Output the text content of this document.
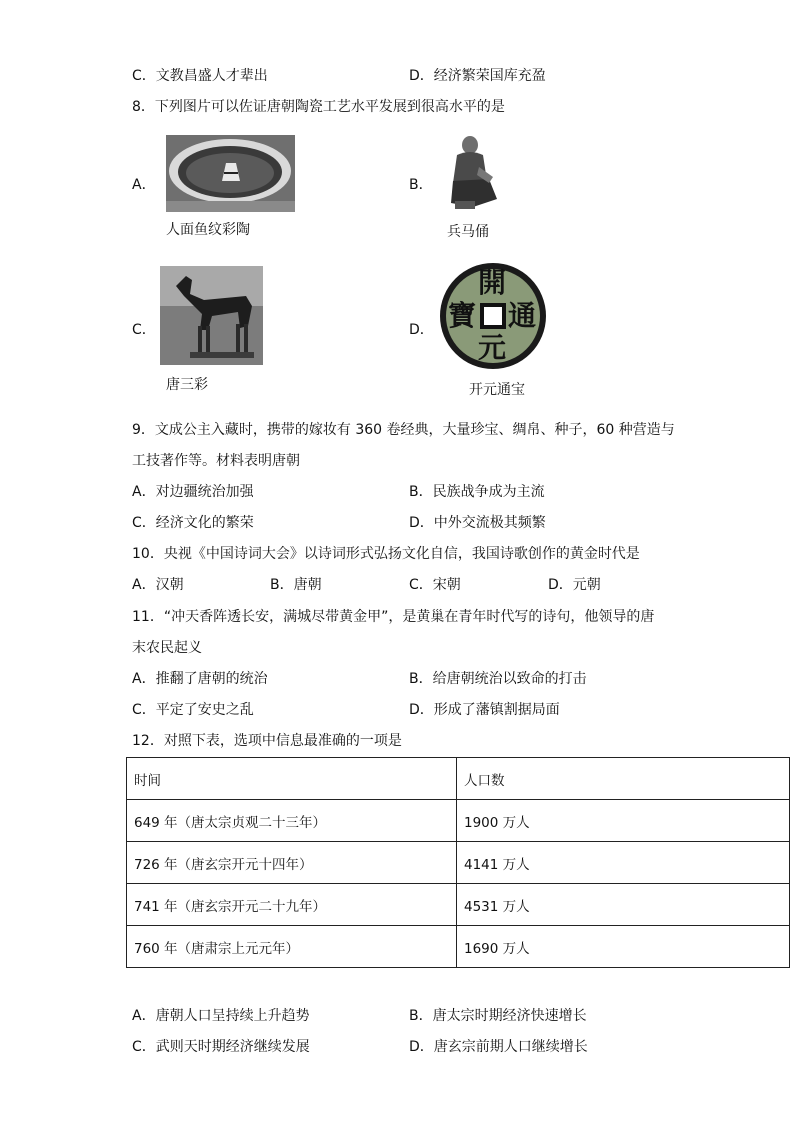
C．文教昌盛人才辈出	D．经济繁荣国库充盈
8．下列图片可以佐证唐朝陶瓷工艺水平发展到很高水平的是
A．
人面鱼纹彩陶
B．
兵马俑
C．
唐三彩
D．
開
寶 通
元
开元通宝
9．文成公主入藏时，携带的嫁妆有 360 卷经典，大量珍宝、绸帛、种子，60 种营造与
工技著作等。材料表明唐朝
A．对边疆统治加强	B．民族战争成为主流
C．经济文化的繁荣	D．中外交流极其频繁
10．央视《中国诗词大会》以诗词形式弘扬文化自信，我国诗歌创作的黄金时代是
A．汉朝	B．唐朝	C．宋朝	D．元朝
11．“冲天香阵透长安，满城尽带黄金甲”，是黄巢在青年时代写的诗句，他领导的唐
末农民起义
A．推翻了唐朝的统治	B．给唐朝统治以致命的打击
C．平定了安史之乱	D．形成了藩镇割据局面
12．对照下表，选项中信息最准确的一项是
时间	人口数
649 年（唐太宗贞观二十三年）	1900 万人
726 年（唐玄宗开元十四年）	4141 万人
741 年（唐玄宗开元二十九年）	4531 万人
760 年（唐肃宗上元元年）	1690 万人
A．唐朝人口呈持续上升趋势	B．唐太宗时期经济快速增长
C．武则天时期经济继续发展	D．唐玄宗前期人口继续增长
